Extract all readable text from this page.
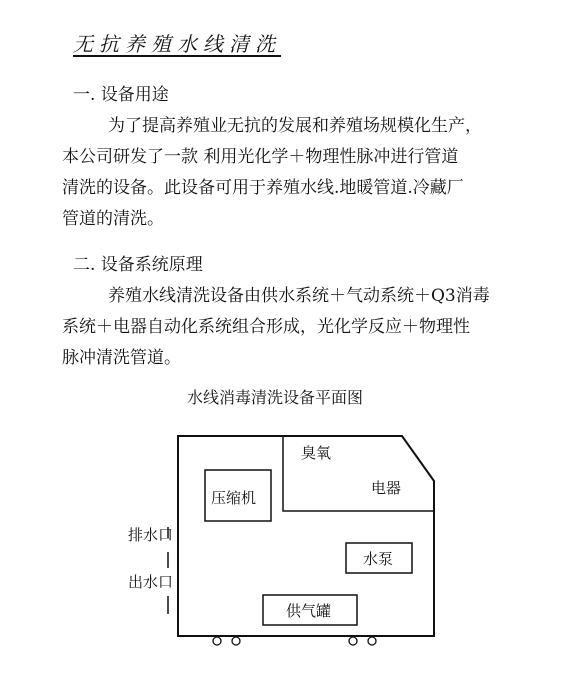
无抗养殖水线清洗
一. 设备用途
为了提高养殖业无抗的发展和养殖场规模化生产，
本公司研发了一款 利用光化学＋物理性脉冲进行管道
清洗的设备。此设备可用于养殖水线.地暖管道.冷藏厂
管道的清洗。
二. 设备系统原理
养殖水线清洗设备由供水系统＋气动系统＋Q3消毒
系统＋电器自动化系统组合形成，光化学反应＋物理性
脉冲清洗管道。
水线消毒清洗设备平面图
臭氧
电器
压缩机
水泵
供气罐
排水口
出水口
